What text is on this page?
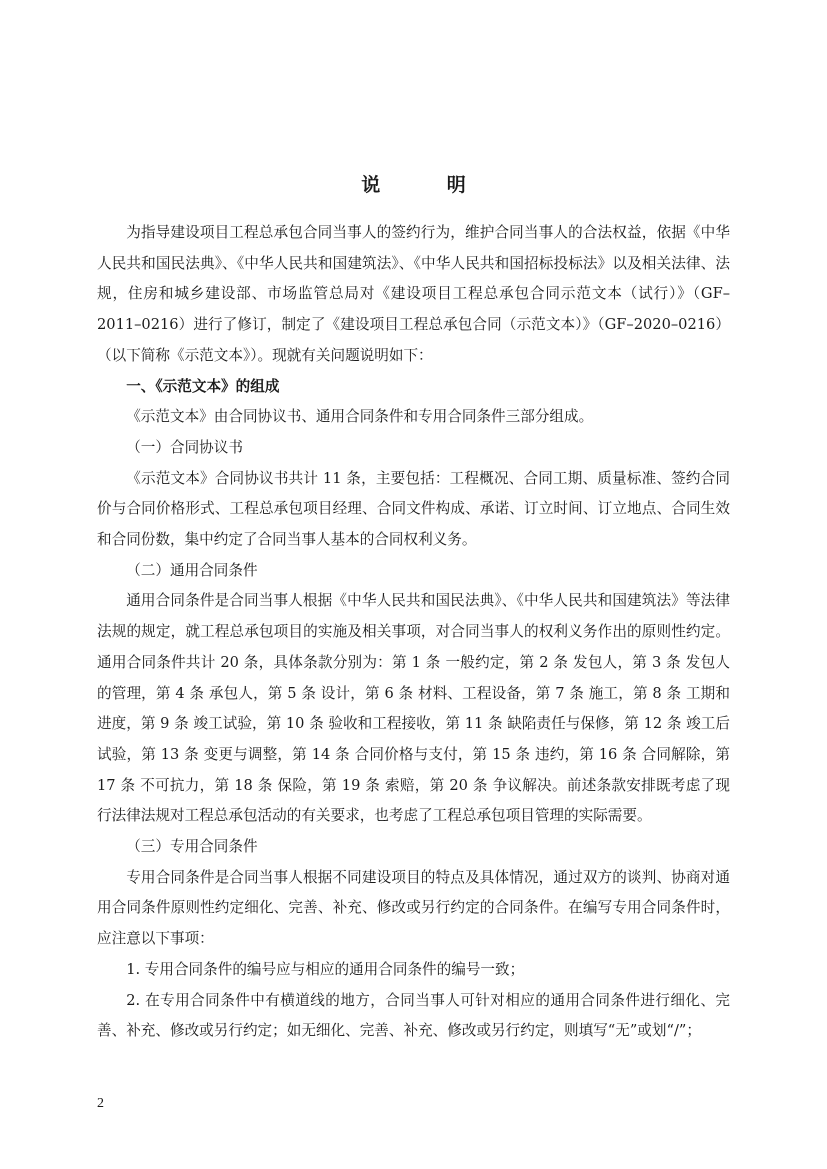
说　明

为指导建设项目工程总承包合同当事人的签约行为，维护合同当事人的合法权益，依据《中华人民共和国民法典》、《中华人民共和国建筑法》、《中华人民共和国招标投标法》以及相关法律、法规，住房和城乡建设部、市场监管总局对《建设项目工程总承包合同示范文本（试行）》（GF–2011–0216）进行了修订，制定了《建设项目工程总承包合同（示范文本）》（GF–2020–0216）（以下简称《示范文本》）。现就有关问题说明如下：

一、《示范文本》的组成

《示范文本》由合同协议书、通用合同条件和专用合同条件三部分组成。

（一）合同协议书

《示范文本》合同协议书共计 11 条，主要包括：工程概况、合同工期、质量标准、签约合同价与合同价格形式、工程总承包项目经理、合同文件构成、承诺、订立时间、订立地点、合同生效和合同份数，集中约定了合同当事人基本的合同权利义务。

（二）通用合同条件

通用合同条件是合同当事人根据《中华人民共和国民法典》、《中华人民共和国建筑法》等法律法规的规定，就工程总承包项目的实施及相关事项，对合同当事人的权利义务作出的原则性约定。通用合同条件共计 20 条，具体条款分别为：第 1 条 一般约定，第 2 条 发包人，第 3 条 发包人的管理，第 4 条 承包人，第 5 条 设计，第 6 条 材料、工程设备，第 7 条 施工，第 8 条 工期和进度，第 9 条 竣工试验，第 10 条 验收和工程接收，第 11 条 缺陷责任与保修，第 12 条 竣工后试验，第 13 条 变更与调整，第 14 条 合同价格与支付，第 15 条 违约，第 16 条 合同解除，第 17 条 不可抗力，第 18 条 保险，第 19 条 索赔，第 20 条 争议解决。前述条款安排既考虑了现行法律法规对工程总承包活动的有关要求，也考虑了工程总承包项目管理的实际需要。

（三）专用合同条件

专用合同条件是合同当事人根据不同建设项目的特点及具体情况，通过双方的谈判、协商对通用合同条件原则性约定细化、完善、补充、修改或另行约定的合同条件。在编写专用合同条件时，应注意以下事项：

1. 专用合同条件的编号应与相应的通用合同条件的编号一致；

2. 在专用合同条件中有横道线的地方，合同当事人可针对相应的通用合同条件进行细化、完善、补充、修改或另行约定；如无细化、完善、补充、修改或另行约定，则填写“无”或划“/”；

2
